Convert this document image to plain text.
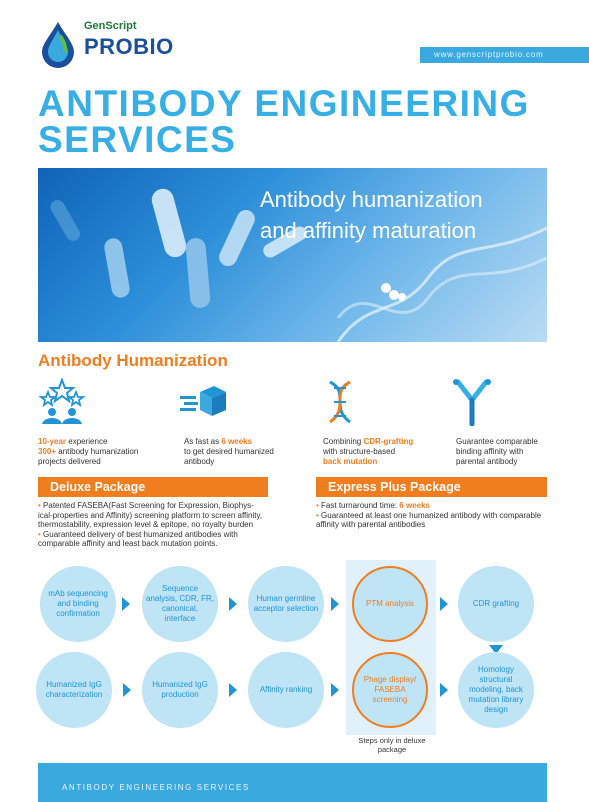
GenScript
PROBIO	www.genscriptprobio.com
ANTIBODY ENGINEERING
SERVICES
Antibody humanization
and affinity maturation
Antibody Humanization
10-year experience
300+ antibody humanization projects delivered
As fast as 6 weeks
to get desired humanized antibody
Combining CDR-grafting
with structure-based
back mutation
Guarantee comparable binding affinity with parental antibody
Deluxe Package	Express Plus Package
• Patented FASEBA(Fast Screening for Expression, Biophys- ical-properties and Affinity) screening platform to screen affinity, thermostability, expression level & epitope, no royalty burden
• Guaranteed delivery of best humanized antibodies with comparable affinity and least back mutation points.
• Fast turnaround time: 6 weeks
• Guaranteed at least one humanized antibody with comparable affinity with parental antibodies
mAb sequencing and binding confirmation
Sequence analysis, CDR, FR, canonical, interface
Human germline acceptor selection
PTM analysis	CDR grafting
Humanized IgG characterization
Humanized IgG production
Affinity ranking
Phage display/ FASEBA screening
Homology structural modeling, back mutation library design
Steps only in deluxe package
ANTIBODY ENGINEERING SERVICES
